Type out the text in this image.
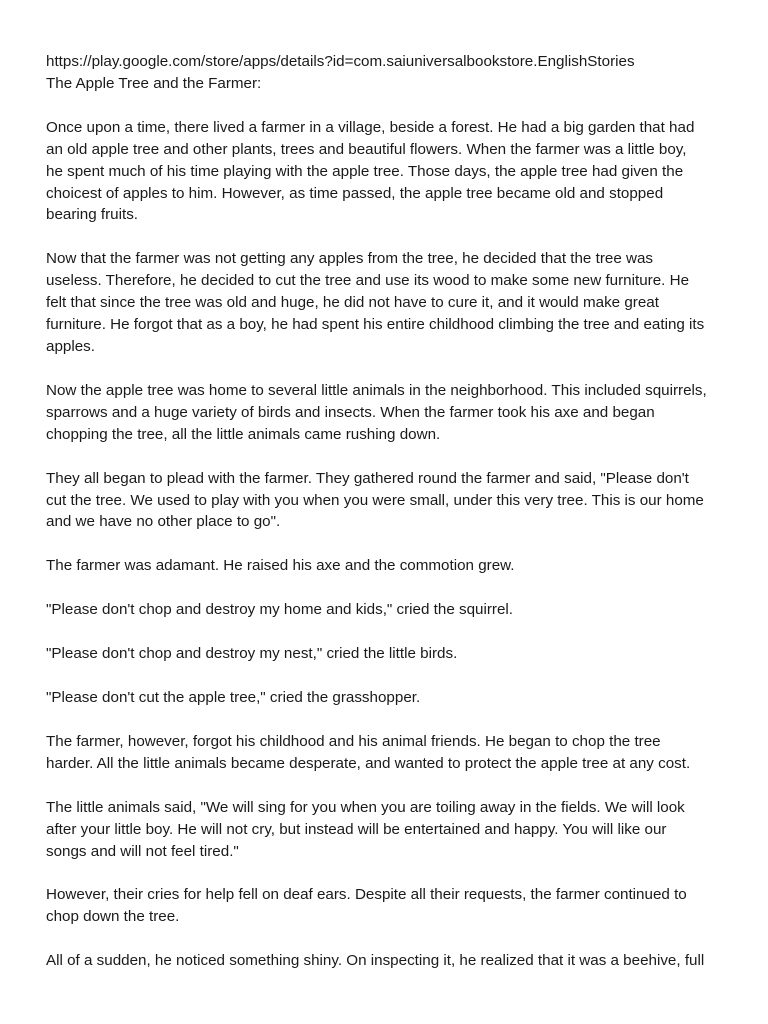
https://play.google.com/store/apps/details?id=com.saiuniversalbookstore.EnglishStories

The Apple Tree and the Farmer:

Once upon a time, there lived a farmer in a village, beside a forest. He had a big garden that had

an old apple tree and other plants, trees and beautiful flowers. When the farmer was a little boy,

he spent much of his time playing with the apple tree. Those days, the apple tree had given the

choicest of apples to him. However, as time passed, the apple tree became old and stopped

bearing fruits.

Now that the farmer was not getting any apples from the tree, he decided that the tree was

useless. Therefore, he decided to cut the tree and use its wood to make some new furniture. He

felt that since the tree was old and huge, he did not have to cure it, and it would make great

furniture. He forgot that as a boy, he had spent his entire childhood climbing the tree and eating its

apples.

Now the apple tree was home to several little animals in the neighborhood. This included squirrels,

sparrows and a huge variety of birds and insects. When the farmer took his axe and began

chopping the tree, all the little animals came rushing down.

They all began to plead with the farmer. They gathered round the farmer and said, "Please don't

cut the tree. We used to play with you when you were small, under this very tree. This is our home

and we have no other place to go".

The farmer was adamant. He raised his axe and the commotion grew.

"Please don't chop and destroy my home and kids," cried the squirrel.

"Please don't chop and destroy my nest," cried the little birds.

"Please don't cut the apple tree," cried the grasshopper.

The farmer, however, forgot his childhood and his animal friends. He began to chop the tree

harder. All the little animals became desperate, and wanted to protect the apple tree at any cost.

The little animals said, "We will sing for you when you are toiling away in the fields. We will look

after your little boy. He will not cry, but instead will be entertained and happy. You will like our

songs and will not feel tired."

However, their cries for help fell on deaf ears. Despite all their requests, the farmer continued to

chop down the tree.

All of a sudden, he noticed something shiny. On inspecting it, he realized that it was a beehive, full
